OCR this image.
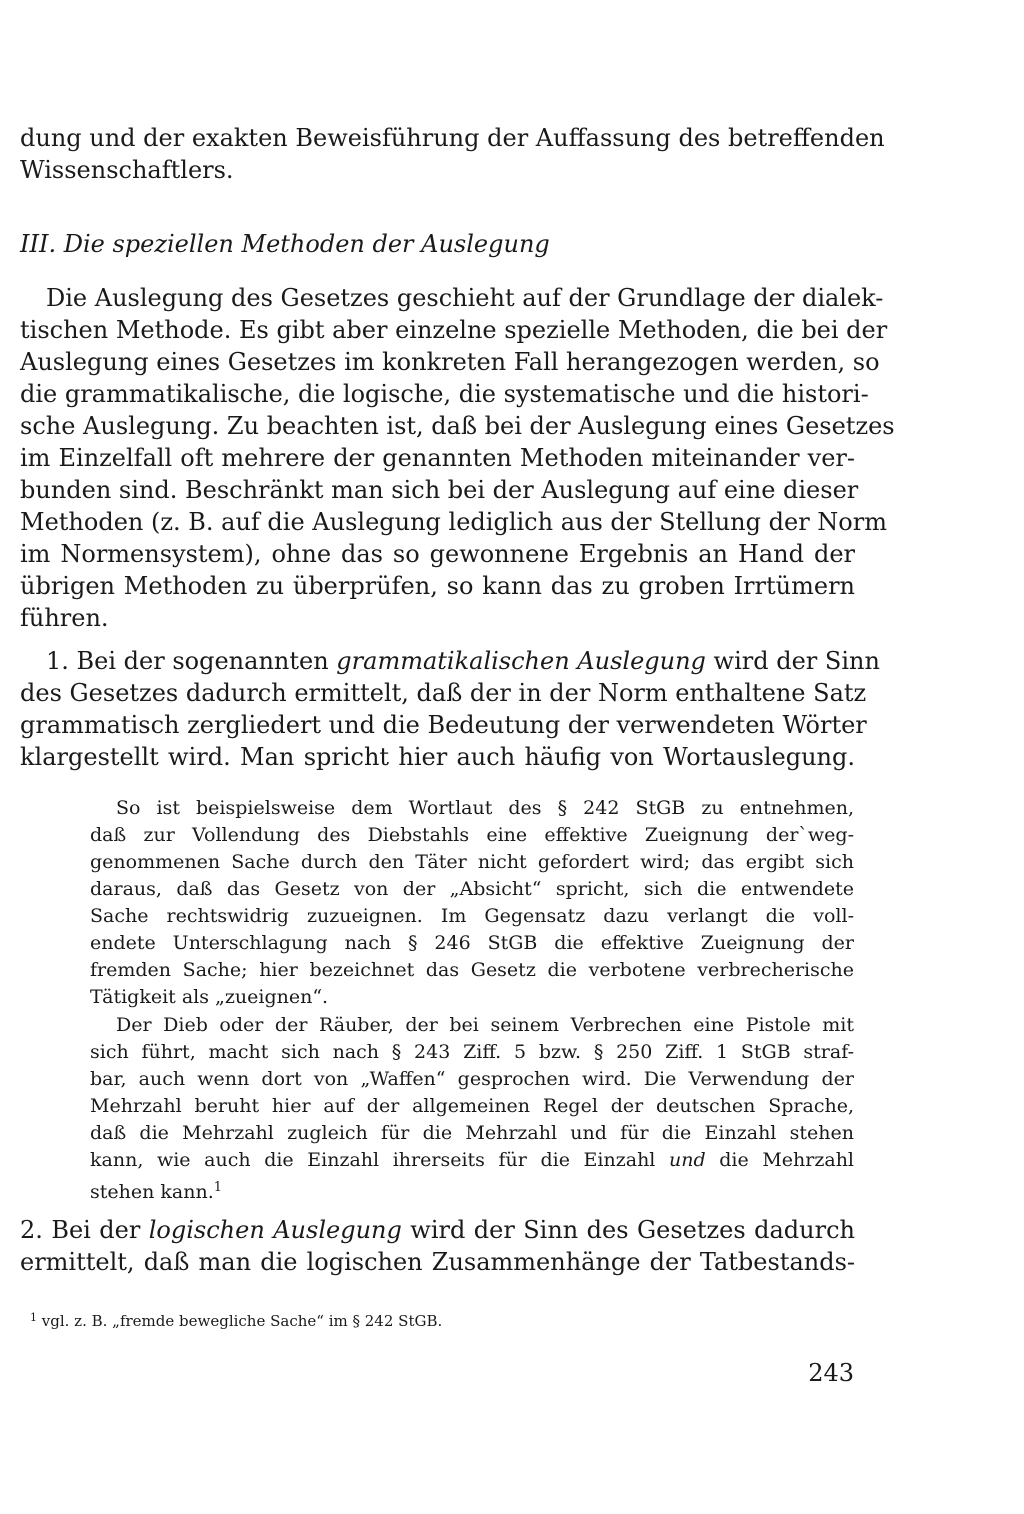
dung und der exakten Beweisführung der Auffassung des betreffenden
Wissenschaftlers.
III. Die speziellen Methoden der Auslegung
Die Auslegung des Gesetzes geschieht auf der Grundlage der dialek-
tischen Methode. Es gibt aber einzelne spezielle Methoden, die bei der
Auslegung eines Gesetzes im konkreten Fall herangezogen werden, so
die grammatikalische, die logische, die systematische und die histori-
sche Auslegung. Zu beachten ist, daß bei der Auslegung eines Gesetzes
im Einzelfall oft mehrere der genannten Methoden miteinander ver-
bunden sind. Beschränkt man sich bei der Auslegung auf eine dieser
Methoden (z. B. auf die Auslegung lediglich aus der Stellung der Norm
im Normensystem), ohne das so gewonnene Ergebnis an Hand der
übrigen Methoden zu überprüfen, so kann das zu groben Irrtümern
führen.
1. Bei der sogenannten grammatikalischen Auslegung wird der Sinn
des Gesetzes dadurch ermittelt, daß der in der Norm enthaltene Satz
grammatisch zergliedert und die Bedeutung der verwendeten Wörter
klargestellt wird. Man spricht hier auch häufig von Wortauslegung.
So ist beispielsweise dem Wortlaut des § 242 StGB zu entnehmen,
daß zur Vollendung des Diebstahls eine effektive Zueignung der`weg-
genommenen Sache durch den Täter nicht gefordert wird; das ergibt sich
daraus, daß das Gesetz von der „Absicht“ spricht, sich die entwendete
Sache rechtswidrig zuzueignen. Im Gegensatz dazu verlangt die voll-
endete Unterschlagung nach § 246 StGB die effektive Zueignung der
fremden Sache; hier bezeichnet das Gesetz die verbotene verbrecherische
Tätigkeit als „zueignen“.
Der Dieb oder der Räuber, der bei seinem Verbrechen eine Pistole mit
sich führt, macht sich nach § 243 Ziff. 5 bzw. § 250 Ziff. 1 StGB straf-
bar, auch wenn dort von „Waffen“ gesprochen wird. Die Verwendung der
Mehrzahl beruht hier auf der allgemeinen Regel der deutschen Sprache,
daß die Mehrzahl zugleich für die Mehrzahl und für die Einzahl stehen
kann, wie auch die Einzahl ihrerseits für die Einzahl und die Mehrzahl
stehen kann.$^1$
2. Bei der logischen Auslegung wird der Sinn des Gesetzes dadurch
ermittelt, daß man die logischen Zusammenhänge der Tatbestands-
$^1$ vgl. z. B. „fremde bewegliche Sache“ im § 242 StGB.
243
